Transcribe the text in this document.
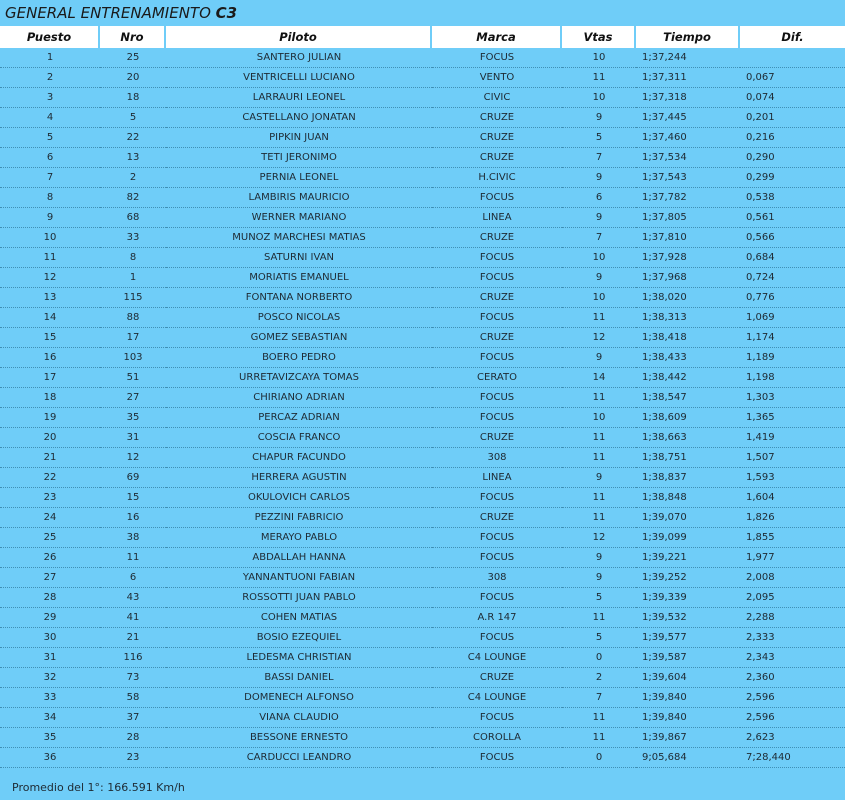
GENERAL ENTRENAMIENTO C3
Puesto	Nro	Piloto	Marca	Vtas	Tiempo	Dif.
1	25	SANTERO JULIAN	FOCUS	10	1;37,244	
2	20	VENTRICELLI LUCIANO	VENTO	11	1;37,311	0,067
3	18	LARRAURI LEONEL	CIVIC	10	1;37,318	0,074
4	5	CASTELLANO JONATAN	CRUZE	9	1;37,445	0,201
5	22	PIPKIN JUAN	CRUZE	5	1;37,460	0,216
6	13	TETI JERONIMO	CRUZE	7	1;37,534	0,290
7	2	PERNIA LEONEL	H.CIVIC	9	1;37,543	0,299
8	82	LAMBIRIS MAURICIO	FOCUS	6	1;37,782	0,538
9	68	WERNER MARIANO	LINEA	9	1;37,805	0,561
10	33	MUNOZ MARCHESI MATIAS	CRUZE	7	1;37,810	0,566
11	8	SATURNI IVAN	FOCUS	10	1;37,928	0,684
12	1	MORIATIS EMANUEL	FOCUS	9	1;37,968	0,724
13	115	FONTANA NORBERTO	CRUZE	10	1;38,020	0,776
14	88	POSCO NICOLAS	FOCUS	11	1;38,313	1,069
15	17	GOMEZ SEBASTIAN	CRUZE	12	1;38,418	1,174
16	103	BOERO PEDRO	FOCUS	9	1;38,433	1,189
17	51	URRETAVIZCAYA TOMAS	CERATO	14	1;38,442	1,198
18	27	CHIRIANO ADRIAN	FOCUS	11	1;38,547	1,303
19	35	PERCAZ ADRIAN	FOCUS	10	1;38,609	1,365
20	31	COSCIA FRANCO	CRUZE	11	1;38,663	1,419
21	12	CHAPUR FACUNDO	308	11	1;38,751	1,507
22	69	HERRERA AGUSTIN	LINEA	9	1;38,837	1,593
23	15	OKULOVICH CARLOS	FOCUS	11	1;38,848	1,604
24	16	PEZZINI FABRICIO	CRUZE	11	1;39,070	1,826
25	38	MERAYO PABLO	FOCUS	12	1;39,099	1,855
26	11	ABDALLAH HANNA	FOCUS	9	1;39,221	1,977
27	6	YANNANTUONI FABIAN	308	9	1;39,252	2,008
28	43	ROSSOTTI JUAN PABLO	FOCUS	5	1;39,339	2,095
29	41	COHEN MATIAS	A.R 147	11	1;39,532	2,288
30	21	BOSIO EZEQUIEL	FOCUS	5	1;39,577	2,333
31	116	LEDESMA CHRISTIAN	C4 LOUNGE	0	1;39,587	2,343
32	73	BASSI DANIEL	CRUZE	2	1;39,604	2,360
33	58	DOMENECH ALFONSO	C4 LOUNGE	7	1;39,840	2,596
34	37	VIANA CLAUDIO	FOCUS	11	1;39,840	2,596
35	28	BESSONE ERNESTO	COROLLA	11	1;39,867	2,623
36	23	CARDUCCI LEANDRO	FOCUS	0	9;05,684	7;28,440
Promedio del 1°: 166.591 Km/h
